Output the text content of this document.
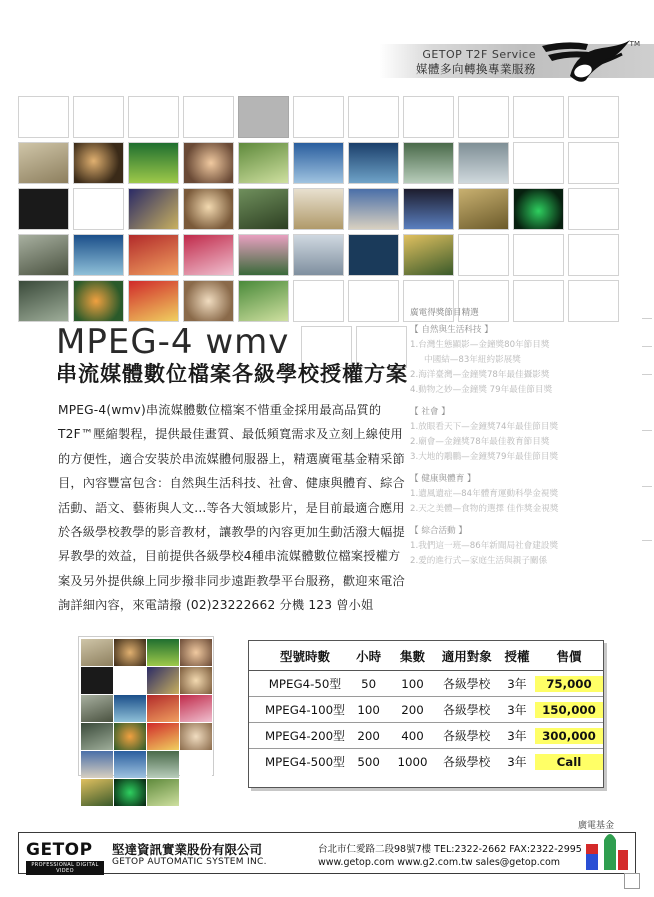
GETOP T2F Service
媒體多向轉換專業服務
TM
MPEG-4 wmv
串流媒體數位檔案各級學校授權方案
MPEG-4(wmv)串流媒體數位檔案不惜重金採用最高品質的T2F™壓縮製程，提供最佳畫質、最低頻寬需求及立刻上線使用的方便性，適合安裝於串流媒體伺服器上，精選廣電基金精采節目，內容豐富包含：自然與生活科技、社會、健康與體育、綜合活動、語文、藝術與人文...等各大領域影片，是目前最適合應用於各級學校教學的影音教材，讓教學的內容更加生動活潑大幅提昇教學的效益，目前提供各級學校4種串流媒體數位檔案授權方案及另外提供線上同步撥非同步遠距教學平台服務，歡迎來電洽詢詳細內容，來電請撥 (02)23222662 分機 123 曾小姐
廣電得獎節目精選
【 自然與生活科技 】
1.台灣生態顯影—金鐘獎80年節目獎
中國結—83年紐約影展獎
2.海洋臺灣—金鐘獎78年最佳攝影獎
4.動物之妙—金鐘獎 79年最佳節目獎
【 社會 】
1.放眼看天下—金鐘獎74年最佳節目獎
2.廟會—金鐘獎78年最佳教育節目獎
3.大地的鵰鵬—金鐘獎79年最佳節目獎
【 健康與體育 】
1.遺風遺症—84年體育運動科學金視獎
2.天之美體—食物的選擇 佳作獎金視獎
【 綜合活動 】
1.我們這一班—86年新聞局社會建設獎
2.愛的進行式—家庭生活與親子關係
型號時數	小時	集數	適用對象	授權	售價
MPEG4-50型	50	100	各級學校	3年	75,000
MPEG4-100型	100	200	各級學校	3年	150,000
MPEG4-200型	200	400	各級學校	3年	300,000
MPEG4-500型	500	1000	各級學校	3年	Call
廣電基金
GETOP
PROFESSIONAL DIGITAL VIDEO
堅達資訊實業股份有限公司
GETOP AUTOMATIC SYSTEM INC.
台北市仁愛路二段98號7樓 TEL:2322-2662 FAX:2322-2995
www.getop.com www.g2.com.tw sales@getop.com
